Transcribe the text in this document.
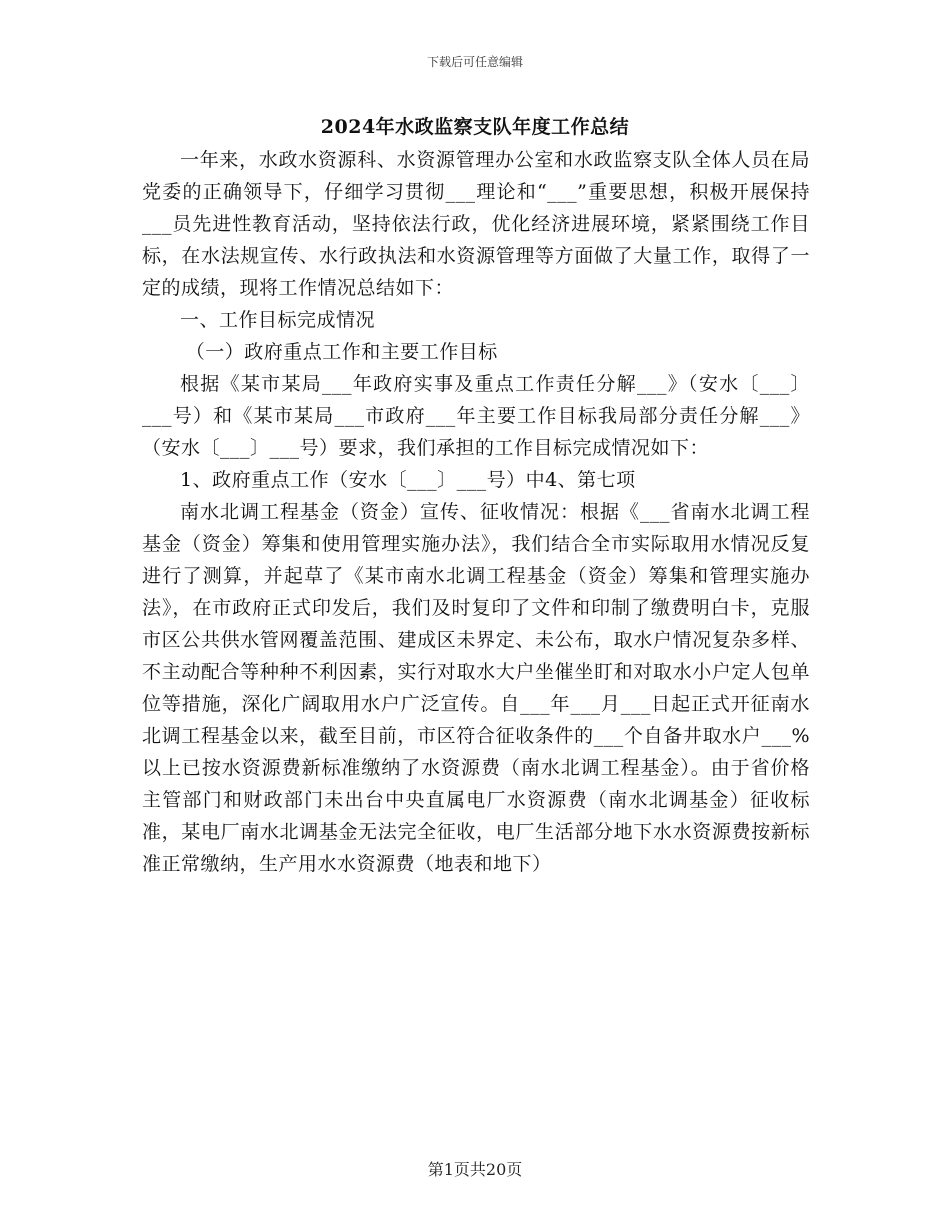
下载后可任意编辑
2024年水政监察支队年度工作总结

一年来，水政水资源科、水资源管理办公室和水政监察支队全体人员在局党委的正确领导下，仔细学习贯彻___理论和“___”重要思想，积极开展保持___员先进性教育活动，坚持依法行政，优化经济进展环境，紧紧围绕工作目标，在水法规宣传、水行政执法和水资源管理等方面做了大量工作，取得了一定的成绩，现将工作情况总结如下：

一、工作目标完成情况

（一）政府重点工作和主要工作目标

根据《某市某局___年政府实事及重点工作责任分解___》（安水〔___〕___号）和《某市某局___市政府___年主要工作目标我局部分责任分解___》（安水〔___〕___号）要求，我们承担的工作目标完成情况如下：

1、政府重点工作（安水〔___〕___号）中4、第七项

南水北调工程基金（资金）宣传、征收情况：根据《___省南水北调工程基金（资金）筹集和使用管理实施办法》，我们结合全市实际取用水情况反复进行了测算，并起草了《某市南水北调工程基金（资金）筹集和管理实施办法》，在市政府正式印发后，我们及时复印了文件和印制了缴费明白卡，克服市区公共供水管网覆盖范围、建成区未界定、未公布，取水户情况复杂多样、不主动配合等种种不利因素，实行对取水大户坐催坐盯和对取水小户定人包单位等措施，深化广阔取用水户广泛宣传。自___年___月___日起正式开征南水北调工程基金以来，截至目前，市区符合征收条件的___个自备井取水户___%以上已按水资源费新标准缴纳了水资源费（南水北调工程基金）。由于省价格主管部门和财政部门未出台中央直属电厂水资源费（南水北调基金）征收标准，某电厂南水北调基金无法完全征收，电厂生活部分地下水水资源费按新标准正常缴纳，生产用水水资源费（地表和地下）

第1页共20页
